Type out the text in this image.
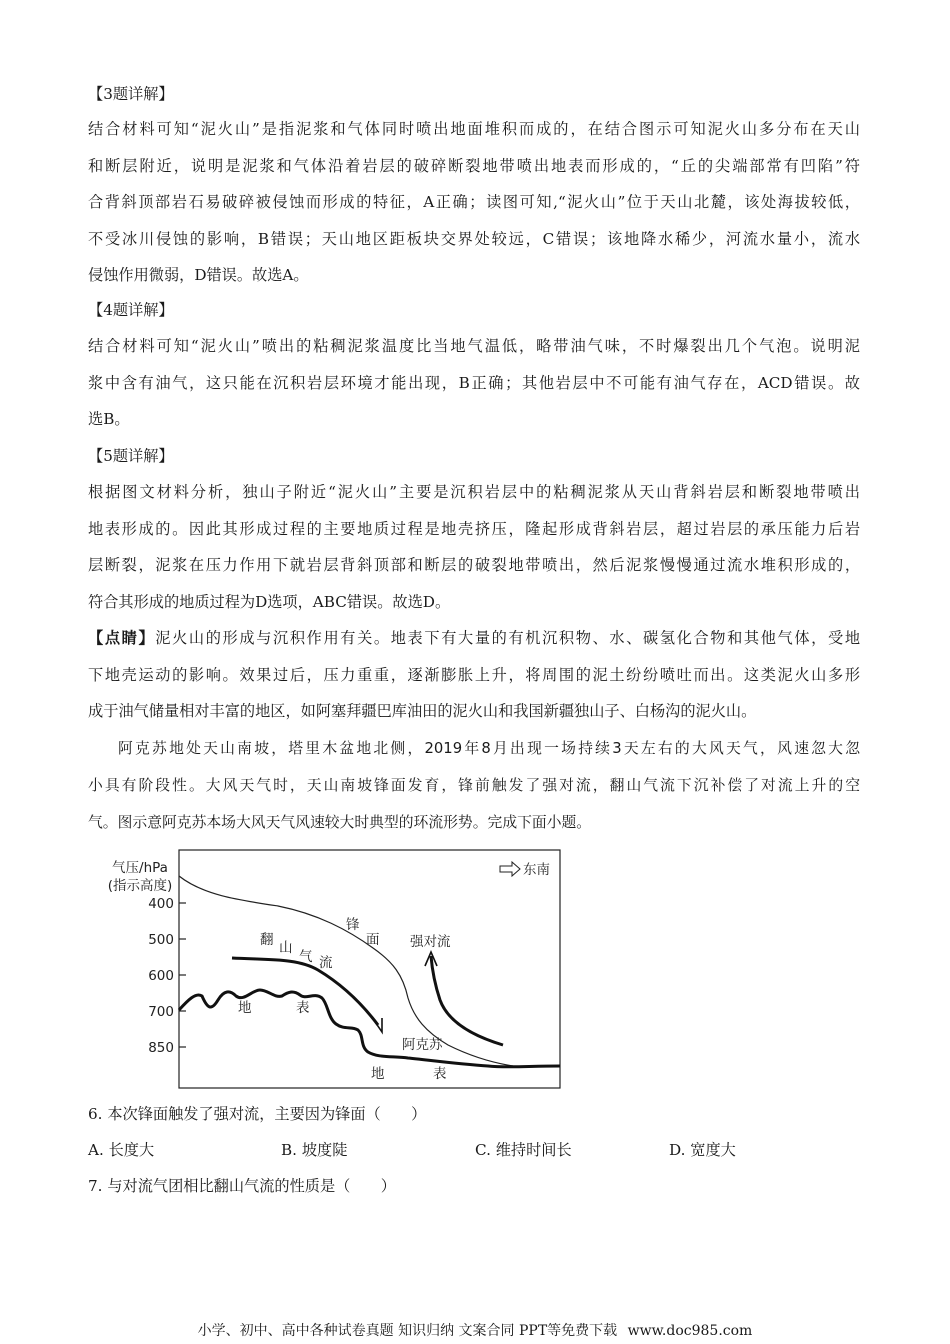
【3题详解】

结合材料可知“泥火山”是指泥浆和气体同时喷出地面堆积而成的，在结合图示可知泥火山多分布在天山
和断层附近，说明是泥浆和气体沿着岩层的破碎断裂地带喷出地表而形成的，“丘的尖端部常有凹陷”符
合背斜顶部岩石易破碎被侵蚀而形成的特征，A正确；读图可知,“泥火山”位于天山北麓，该处海拔较低，
不受冰川侵蚀的影响，B错误；天山地区距板块交界处较远，C错误；该地降水稀少，河流水量小，流水
侵蚀作用微弱，D错误。故选A。

【4题详解】

结合材料可知“泥火山”喷出的粘稠泥浆温度比当地气温低，略带油气味，不时爆裂出几个气泡。说明泥
浆中含有油气，这只能在沉积岩层环境才能出现，B正确；其他岩层中不可能有油气存在，ACD错误。故
选B。

【5题详解】

根据图文材料分析，独山子附近“泥火山”主要是沉积岩层中的粘稠泥浆从天山背斜岩层和断裂地带喷出
地表形成的。因此其形成过程的主要地质过程是地壳挤压，隆起形成背斜岩层，超过岩层的承压能力后岩
层断裂，泥浆在压力作用下就岩层背斜顶部和断层的破裂地带喷出，然后泥浆慢慢通过流水堆积形成的，
符合其形成的地质过程为D选项，ABC错误。故选D。
【点睛】泥火山的形成与沉积作用有关。地表下有大量的有机沉积物、水、碳氢化合物和其他气体，受地
下地壳运动的影响。效果过后，压力重重，逐渐膨胀上升，将周围的泥土纷纷喷吐而出。这类泥火山多形
成于油气储量相对丰富的地区，如阿塞拜疆巴库油田的泥火山和我国新疆独山子、白杨沟的泥火山。
阿克苏地处天山南坡，塔里木盆地北侧，2019年8月出现一场持续3天左右的大风天气，风速忽大忽
小具有阶段性。大风天气时，天山南坡锋面发育，锋前触发了强对流，翻山气流下沉补偿了对流上升的空
气。图示意阿克苏本场大风天气风速较大时典型的环流形势。完成下面小题。
气压/hPa
(指示高度)
400
500
600
700
850
东南
锋
面
翻 山
气 流
强对流
地	表
阿克苏
地	表

6. 本次锋面触发了强对流，主要因为锋面（　　）

A. 长度大	B. 坡度陡	C. 维持时间长	D. 宽度大

7. 与对流气团相比翻山气流的性质是（　　）

小学、初中、高中各种试卷真题 知识归纳 文案合同 PPT等免费下载 www.doc985.com
